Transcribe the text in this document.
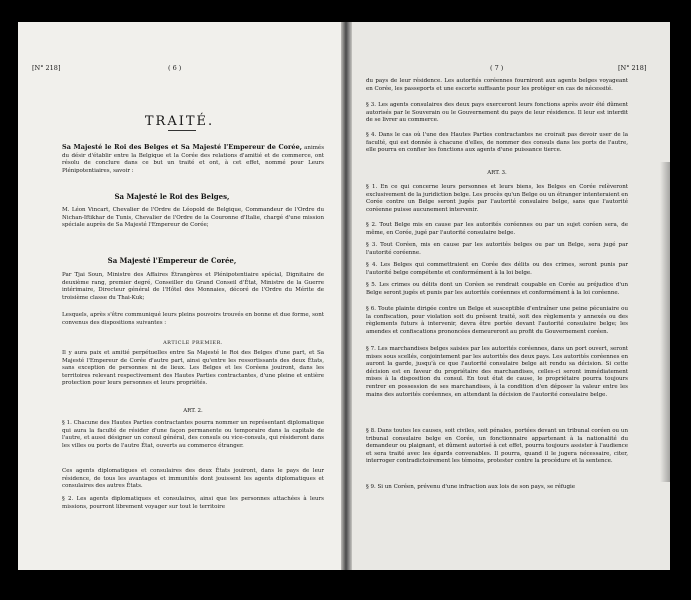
[N° 218]	( 6 )
TRAITÉ.
Sa Majesté le Roi des Belges et Sa Majesté l'Empereur de Corée, animés du désir d'établir entre la Belgique et la Corée des relations d'amitié et de commerce, ont résolu de conclure dans ce but un traité et ont, à cet effet, nommé pour Leurs Plénipotentiaires, savoir :
Sa Majesté le Roi des Belges,
M. Léon Vincart, Chevalier de l'Ordre de Léopold de Belgique, Commandeur de l'Ordre du Nichan-Iftikhar de Tunis, Chevalier de l'Ordre de la Couronne d'Italie, chargé d'une mission spéciale auprès de Sa Majesté l'Empereur de Corée;
Sa Majesté l'Empereur de Corée,
Par Tjai Soun, Ministre des Affaires Étrangères et Plénipotentiaire spécial, Dignitaire de deuxième rang, premier degré, Conseiller du Grand Conseil d'État, Ministre de la Guerre intérimaire, Directeur général de l'Hôtel des Monnaies, décoré de l'Ordre du Mérite de troisième classe du Thai-Kuk;
Lesquels, après s'être communiqué leurs pleins pouvoirs trouvés en bonne et due forme, sont convenus des dispositions suivantes :
ARTICLE PREMIER.
Il y aura paix et amitié perpétuelles entre Sa Majesté le Roi des Belges d'une part, et Sa Majesté l'Empereur de Corée d'autre part, ainsi qu'entre les ressortissants des deux États, sans exception de personnes ni de lieux. Les Belges et les Coréens jouiront, dans les territoires relevant respectivement des Hautes Parties contractantes, d'une pleine et entière protection pour leurs personnes et leurs propriétés.
ART. 2.
§ 1. Chacune des Hautes Parties contractantes pourra nommer un représentant diplomatique qui aura la faculté de résider d'une façon permanente ou temporaire dans la capitale de l'autre, et aussi désigner un consul général, des consuls ou vice-consuls, qui résideront dans les villes ou ports de l'autre État, ouverts au commerce étranger.
Ces agents diplomatiques et consulaires des deux États jouiront, dans le pays de leur résidence, de tous les avantages et immunités dont jouissent les agents diplomatiques et consulaires des autres États.
§ 2. Les agents diplomatiques et consulaires, ainsi que les personnes attachées à leurs missions, pourront librement voyager sur tout le territoire
( 7 )	[N° 218]
du pays de leur résidence. Les autorités coréennes fourniront aux agents belges voyageant en Corée, les passeports et une escorte suffisante pour les protéger en cas de nécessité.
§ 3. Les agents consulaires des deux pays exerceront leurs fonctions après avoir été dûment autorisés par le Souverain ou le Gouvernement du pays de leur résidence. Il leur est interdit de se livrer au commerce.
§ 4. Dans le cas où l'une des Hautes Parties contractantes ne croirait pas devoir user de la faculté, qui est donnée à chacune d'elles, de nommer des consuls dans les ports de l'autre, elle pourra en confier les fonctions aux agents d'une puissance tierce.
ART. 3.
§ 1. En ce qui concerne leurs personnes et leurs biens, les Belges en Corée relèveront exclusivement de la juridiction belge. Les procès qu'un Belge ou un étranger intenteraient en Corée contre un Belge seront jugés par l'autorité consulaire belge, sans que l'autorité coréenne puisse aucunement intervenir.
§ 2. Tout Belge mis en cause par les autorités coréennes ou par un sujet coréen sera, de même, en Corée, jugé par l'autorité consulaire belge.
§ 3. Tout Coréen, mis en cause par les autorités belges ou par un Belge, sera jugé par l'autorité coréenne.
§ 4. Les Belges qui commettraient en Corée des délits ou des crimes, seront punis par l'autorité belge compétente et conformément à la loi belge.
§ 5. Les crimes ou délits dont un Coréen se rendrait coupable en Corée au préjudice d'un Belge seront jugés et punis par les autorités coréennes et conformément à la loi coréenne.
§ 6. Toute plainte dirigée contre un Belge et susceptible d'entraîner une peine pécuniaire ou la confiscation, pour violation soit du présent traité, soit des règlements y annexés ou des règlements futurs à intervenir, devra être portée devant l'autorité consulaire belge; les amendes et confiscations prononcées demeureront au profit du Gouvernement coréen.
§ 7. Les marchandises belges saisies par les autorités coréennes, dans un port ouvert, seront mises sous scellés, conjointement par les autorités des deux pays. Les autorités coréennes en auront la garde, jusqu'à ce que l'autorité consulaire belge ait rendu sa décision. Si cette décision est en faveur du propriétaire des marchandises, celles-ci seront immédiatement mises à la disposition du consul. En tout état de cause, le propriétaire pourra toujours rentrer en possession de ses marchandises, à la condition d'en déposer la valeur entre les mains des autorités coréennes, en attendant la décision de l'autorité consulaire belge.
§ 8. Dans toutes les causes, soit civiles, soit pénales, portées devant un tribunal coréen ou un tribunal consulaire belge en Corée, un fonctionnaire appartenant à la nationalité du demandeur ou plaignant, et dûment autorisé à cet effet, pourra toujours assister à l'audience et sera traité avec les égards convenables. Il pourra, quand il le jugera nécessaire, citer, interroger contradictoirement les témoins, protester contre la procédure et la sentence.
§ 9. Si un Coréen, prévenu d'une infraction aux lois de son pays, se réfugie
